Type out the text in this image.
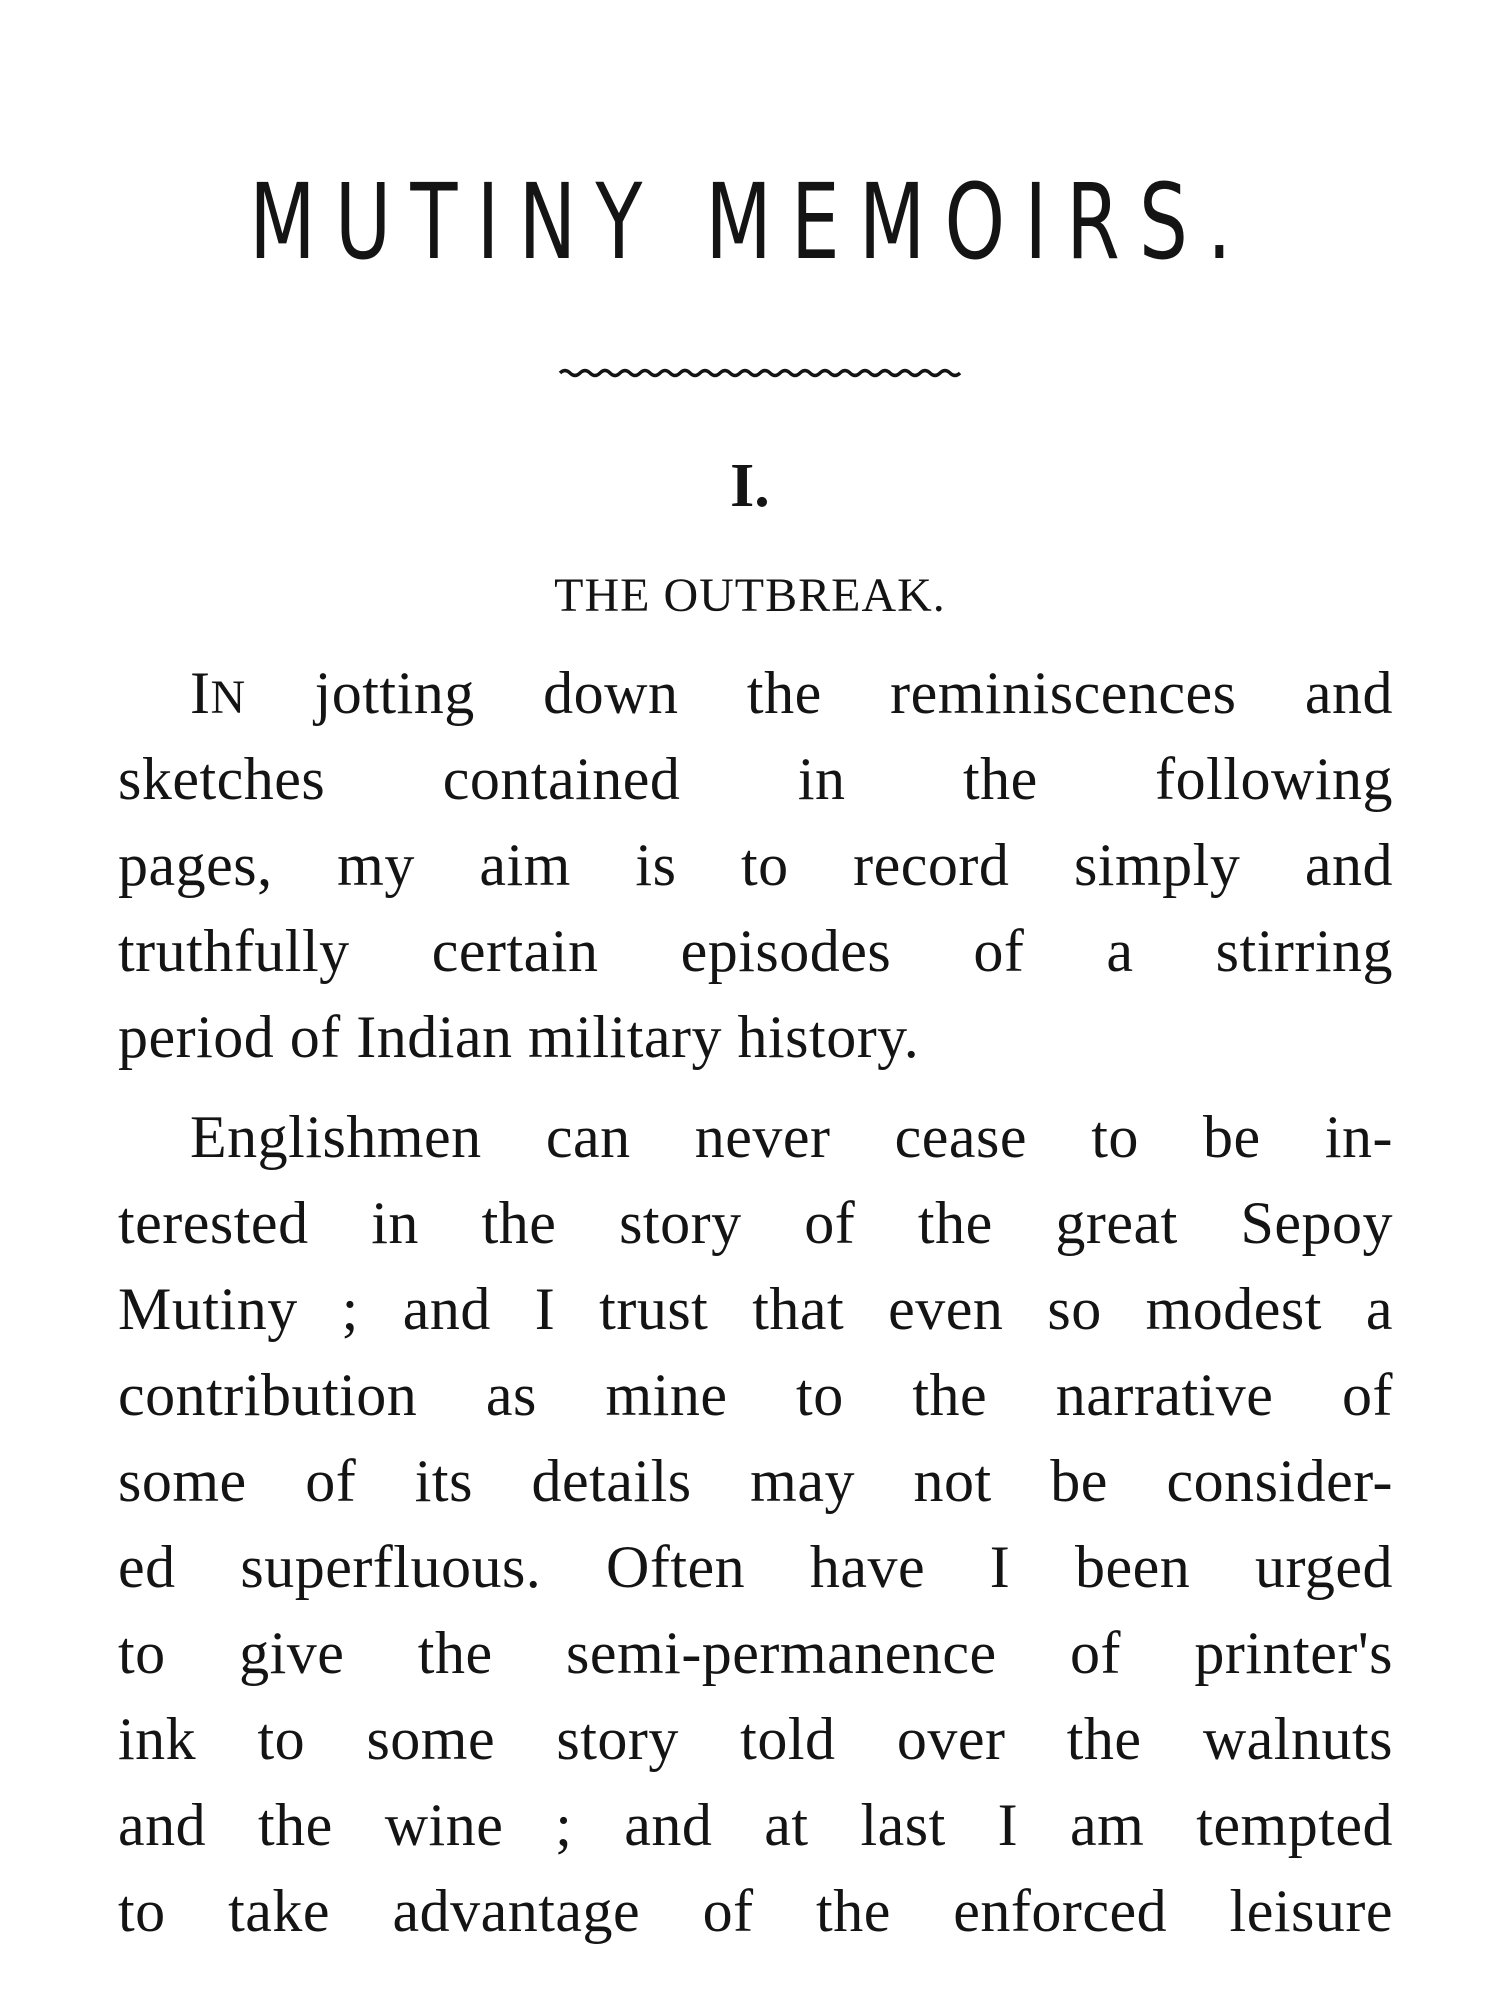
MUTINY MEMOIRS.
I.
THE OUTBREAK.
IN jotting down the reminiscences and
sketches contained in the following
pages, my aim is to record simply and
truthfully certain episodes of a stirring
period of Indian military history.
Englishmen can never cease to be in-
terested in the story of the great Sepoy
Mutiny ; and I trust that even so modest a
contribution as mine to the narrative of
some of its details may not be consider-
ed superfluous. Often have I been urged
to give the semi-permanence of printer's
ink to some story told over the walnuts
and the wine ; and at last I am tempted
to take advantage of the enforced leisure
